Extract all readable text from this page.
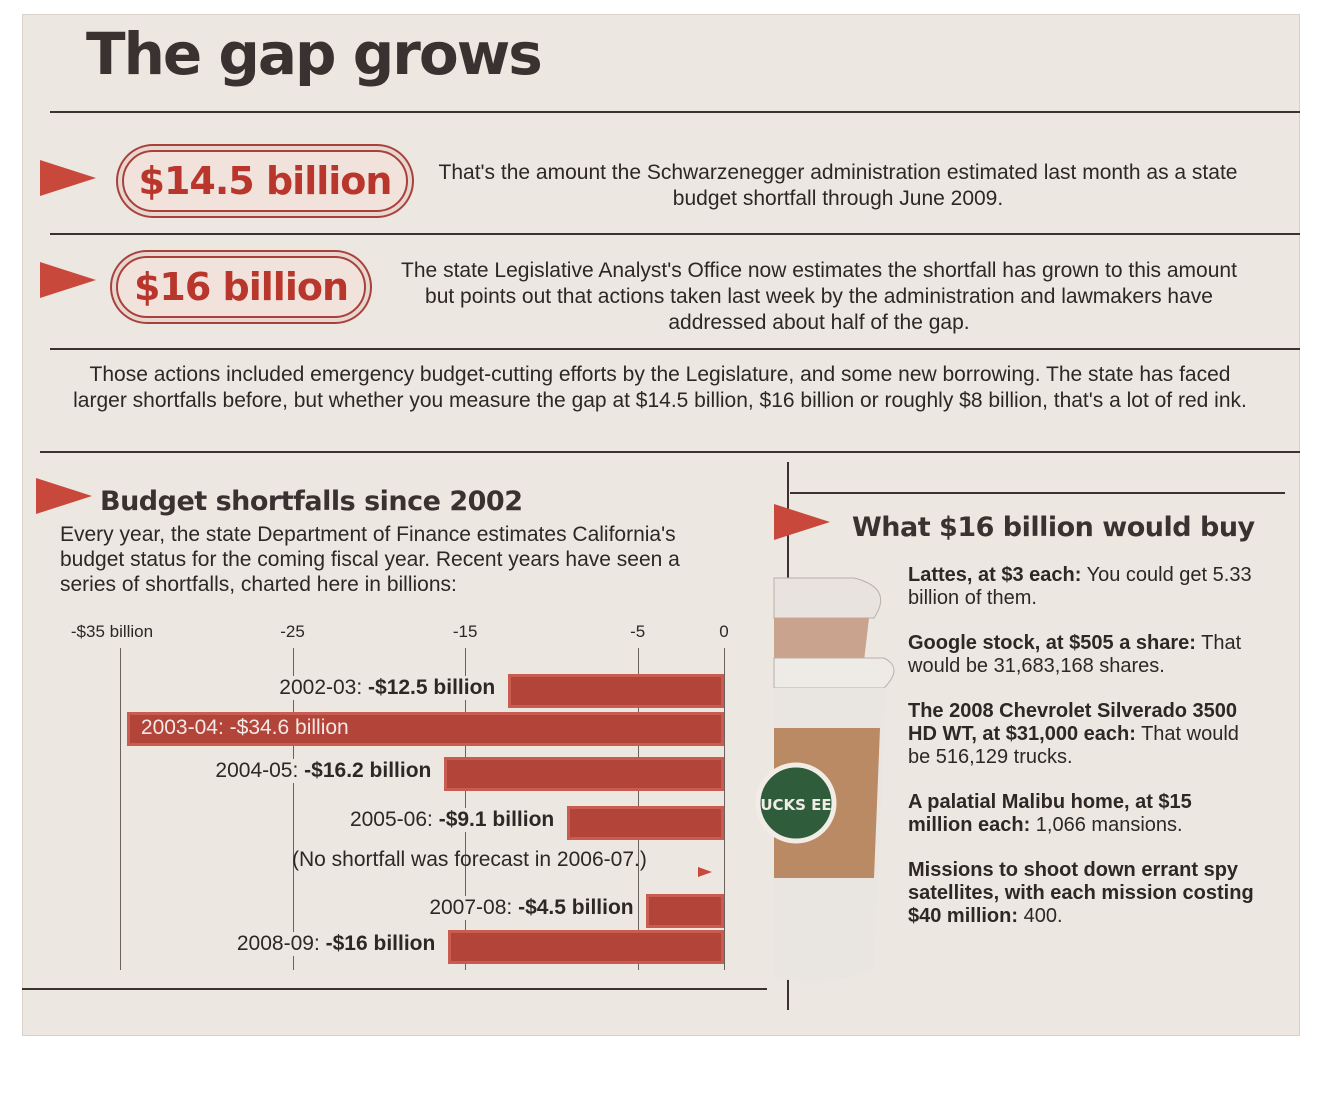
The gap grows
$14.5 billion	That's the amount the Schwarzenegger administration estimated last month as a state budget shortfall through June 2009.

$16 billion	The state Legislative Analyst's Office now estimates the shortfall has grown to this amount but points out that actions taken last week by the administration and lawmakers have addressed about half of the gap.

Those actions included emergency budget-cutting efforts by the Legislature, and some new borrowing. The state has faced larger shortfalls before, but whether you measure the gap at $14.5 billion, $16 billion or roughly $8 billion, that's a lot of red ink.

Budget shortfalls since 2002

Every year, the state Department of Finance estimates California's budget status for the coming fiscal year. Recent years have seen a series of shortfalls, charted here in billions:

-$35 billion	-25	-15	-5	0
2002-03: -$12.5 billion
2003-04: -$34.6 billion
2004-05: -$16.2 billion
2005-06: -$9.1 billion
2007-08: -$4.5 billion
2008-09: -$16 billion
(No shortfall was forecast in 2006-07.)
What $16 billion would buy
UCKS EE
Lattes, at $3 each: You could get 5.33 billion of them.
Google stock, at $505 a share: That would be 31,683,168 shares.
The 2008 Chevrolet Silverado 3500 HD WT, at $31,000 each: That would be 516,129 trucks.
A palatial Malibu home, at $15 million each: 1,066 mansions.
Missions to shoot down errant spy satellites, with each mission costing $40 million: 400.
